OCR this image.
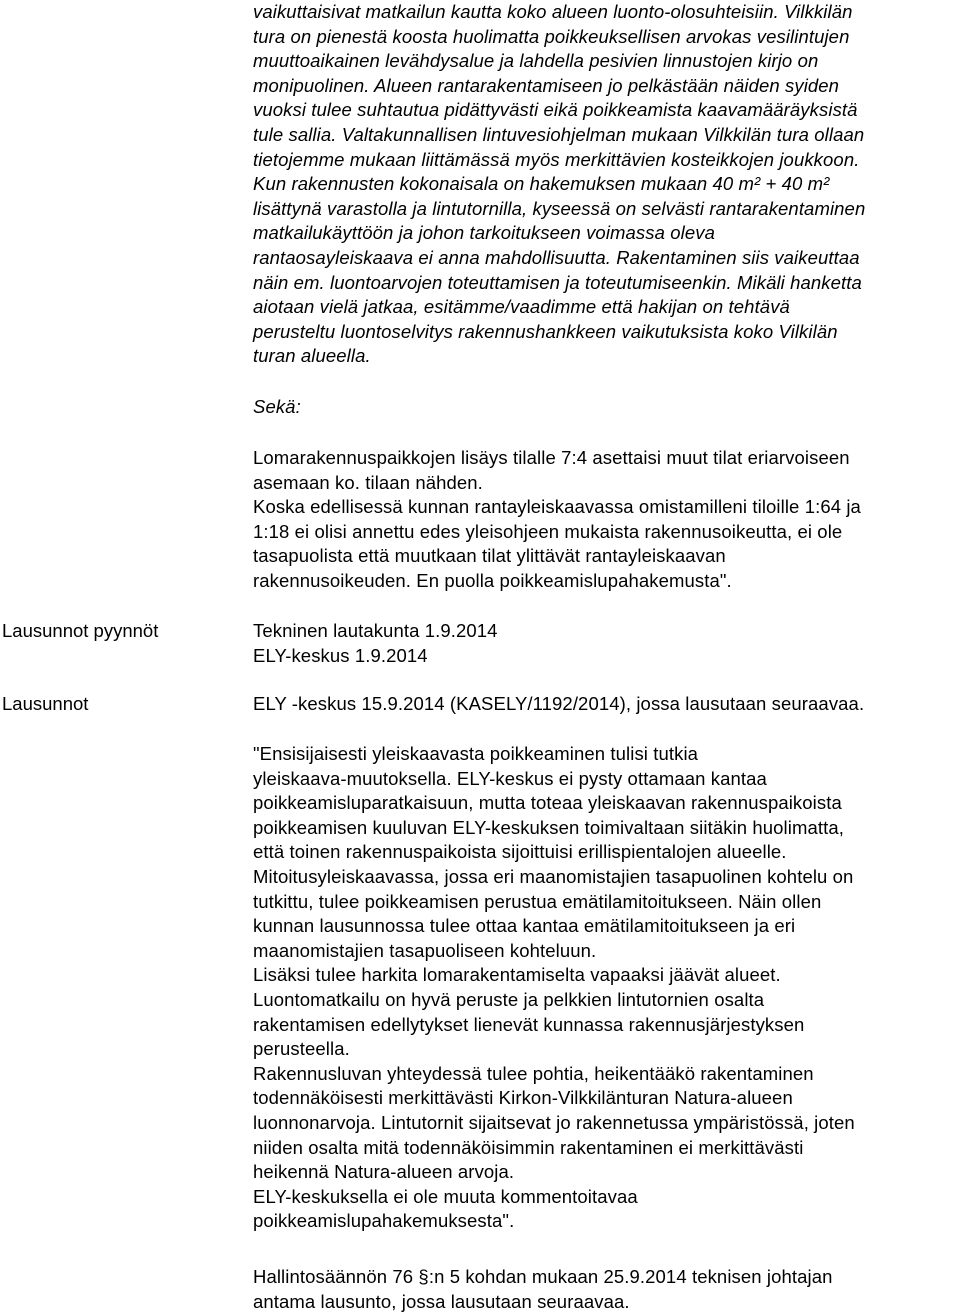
vaikuttaisivat matkailun kautta koko alueen luonto-olosuhteisiin. Vilkkilän
tura on pienestä koosta huolimatta poikkeuksellisen arvokas vesilintujen
muuttoaikainen levähdysalue ja lahdella pesivien linnustojen kirjo on
monipuolinen. Alueen rantarakentamiseen jo pelkästään näiden syiden
vuoksi tulee suhtautua pidättyvästi eikä poikkeamista kaavamääräyksistä
tule sallia. Valtakunnallisen lintuvesiohjelman mukaan Vilkkilän tura ollaan
tietojemme mukaan liittämässä myös merkittävien kosteikkojen joukkoon.
Kun rakennusten kokonaisala on hakemuksen mukaan 40 m² + 40 m²
lisättynä varastolla ja lintutornilla, kyseessä on selvästi rantarakentaminen
matkailukäyttöön ja johon tarkoitukseen voimassa oleva
rantaosayleiskaava ei anna mahdollisuutta. Rakentaminen siis vaikeuttaa
näin em. luontoarvojen toteuttamisen ja toteutumiseenkin. Mikäli hanketta
aiotaan vielä jatkaa, esitämme/vaadimme että hakijan on tehtävä
perusteltu luontoselvitys rakennushankkeen vaikutuksista koko Vilkilän
turan alueella.
Sekä:
Lomarakennuspaikkojen lisäys tilalle 7:4 asettaisi muut tilat eriarvoiseen
asemaan ko. tilaan nähden.
Koska edellisessä kunnan rantayleiskaavassa omistamilleni tiloille 1:64 ja
1:18 ei olisi annettu edes yleisohjeen mukaista rakennusoikeutta, ei ole
tasapuolista että muutkaan tilat ylittävät rantayleiskaavan
rakennusoikeuden. En puolla poikkeamislupahakemusta".
Lausunnot pyynnöt	Tekninen lautakunta 1.9.2014
ELY-keskus 1.9.2014
Lausunnot	ELY -keskus 15.9.2014 (KASELY/1192/2014), jossa lausutaan seuraavaa.
"Ensisijaisesti yleiskaavasta poikkeaminen tulisi tutkia
yleiskaava-muutoksella. ELY-keskus ei pysty ottamaan kantaa
poikkeamisluparatkaisuun, mutta toteaa yleiskaavan rakennuspaikoista
poikkeamisen kuuluvan ELY-keskuksen toimivaltaan siitäkin huolimatta,
että toinen rakennuspaikoista sijoittuisi erillispientalojen alueelle.
Mitoitusyleiskaavassa, jossa eri maanomistajien tasapuolinen kohtelu on
tutkittu, tulee poikkeamisen perustua emätilamitoitukseen. Näin ollen
kunnan lausunnossa tulee ottaa kantaa emätilamitoitukseen ja eri
maanomistajien tasapuoliseen kohteluun.
Lisäksi tulee harkita lomarakentamiselta vapaaksi jäävät alueet.
Luontomatkailu on hyvä peruste ja pelkkien lintutornien osalta
rakentamisen edellytykset lienevät kunnassa rakennusjärjestyksen
perusteella.
Rakennusluvan yhteydessä tulee pohtia, heikentääkö rakentaminen
todennäköisesti merkittävästi Kirkon-Vilkkilänturan Natura-alueen
luonnonarvoja. Lintutornit sijaitsevat jo rakennetussa ympäristössä, joten
niiden osalta mitä todennäköisimmin rakentaminen ei merkittävästi
heikennä Natura-alueen arvoja.
ELY-keskuksella ei ole muuta kommentoitavaa
poikkeamislupahakemuksesta".
Hallintosäännön 76 §:n 5 kohdan mukaan 25.9.2014 teknisen johtajan
antama lausunto, jossa lausutaan seuraavaa.
